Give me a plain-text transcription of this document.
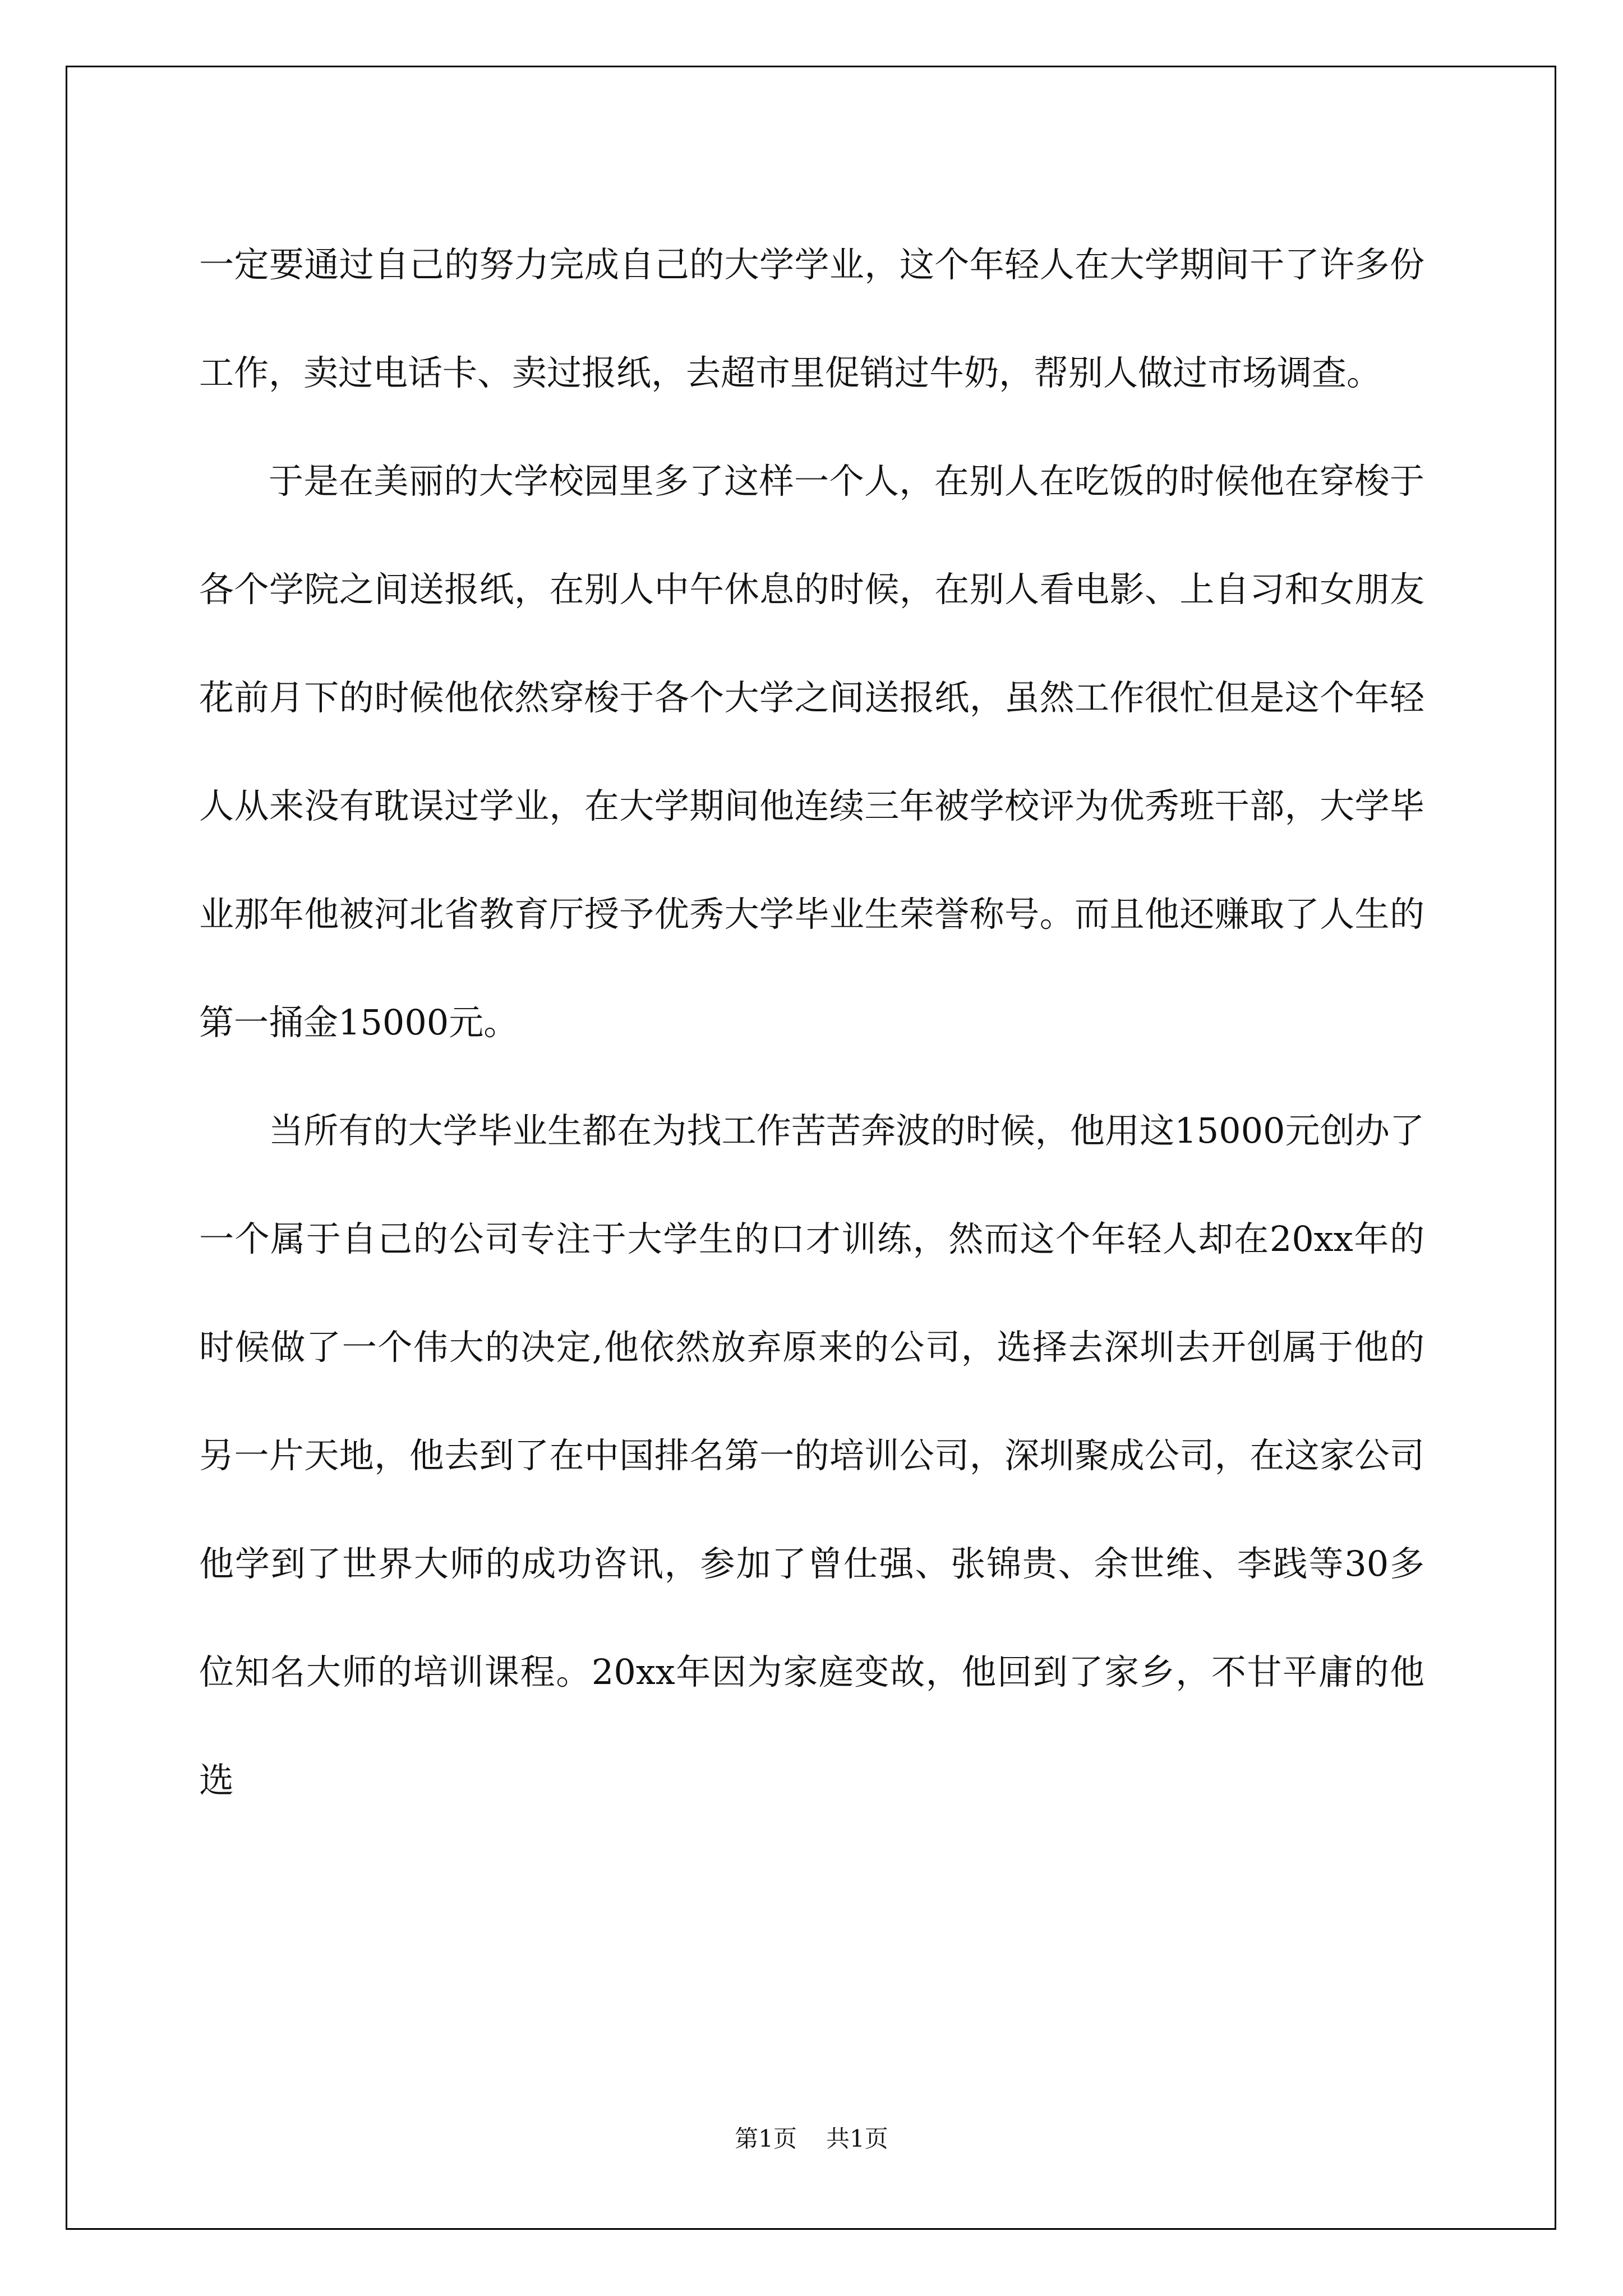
一定要通过自己的努力完成自己的大学学业，这个年轻人在大学期间干了许多份工作，卖过电话卡、卖过报纸，去超市里促销过牛奶，帮别人做过市场调查。

于是在美丽的大学校园里多了这样一个人，在别人在吃饭的时候他在穿梭于各个学院之间送报纸，在别人中午休息的时候，在别人看电影、上自习和女朋友花前月下的时候他依然穿梭于各个大学之间送报纸，虽然工作很忙但是这个年轻人从来没有耽误过学业，在大学期间他连续三年被学校评为优秀班干部，大学毕业那年他被河北省教育厅授予优秀大学毕业生荣誉称号。而且他还赚取了人生的第一捅金15000元。

当所有的大学毕业生都在为找工作苦苦奔波的时候，他用这15000元创办了一个属于自己的公司专注于大学生的口才训练，然而这个年轻人却在20xx年的时候做了一个伟大的决定,他依然放弃原来的公司，选择去深圳去开创属于他的另一片天地，他去到了在中国排名第一的培训公司，深圳聚成公司，在这家公司他学到了世界大师的成功咨讯，参加了曾仕强、张锦贵、余世维、李践等30多位知名大师的培训课程。20xx年因为家庭变故，他回到了家乡，不甘平庸的他选

第1页 共1页
